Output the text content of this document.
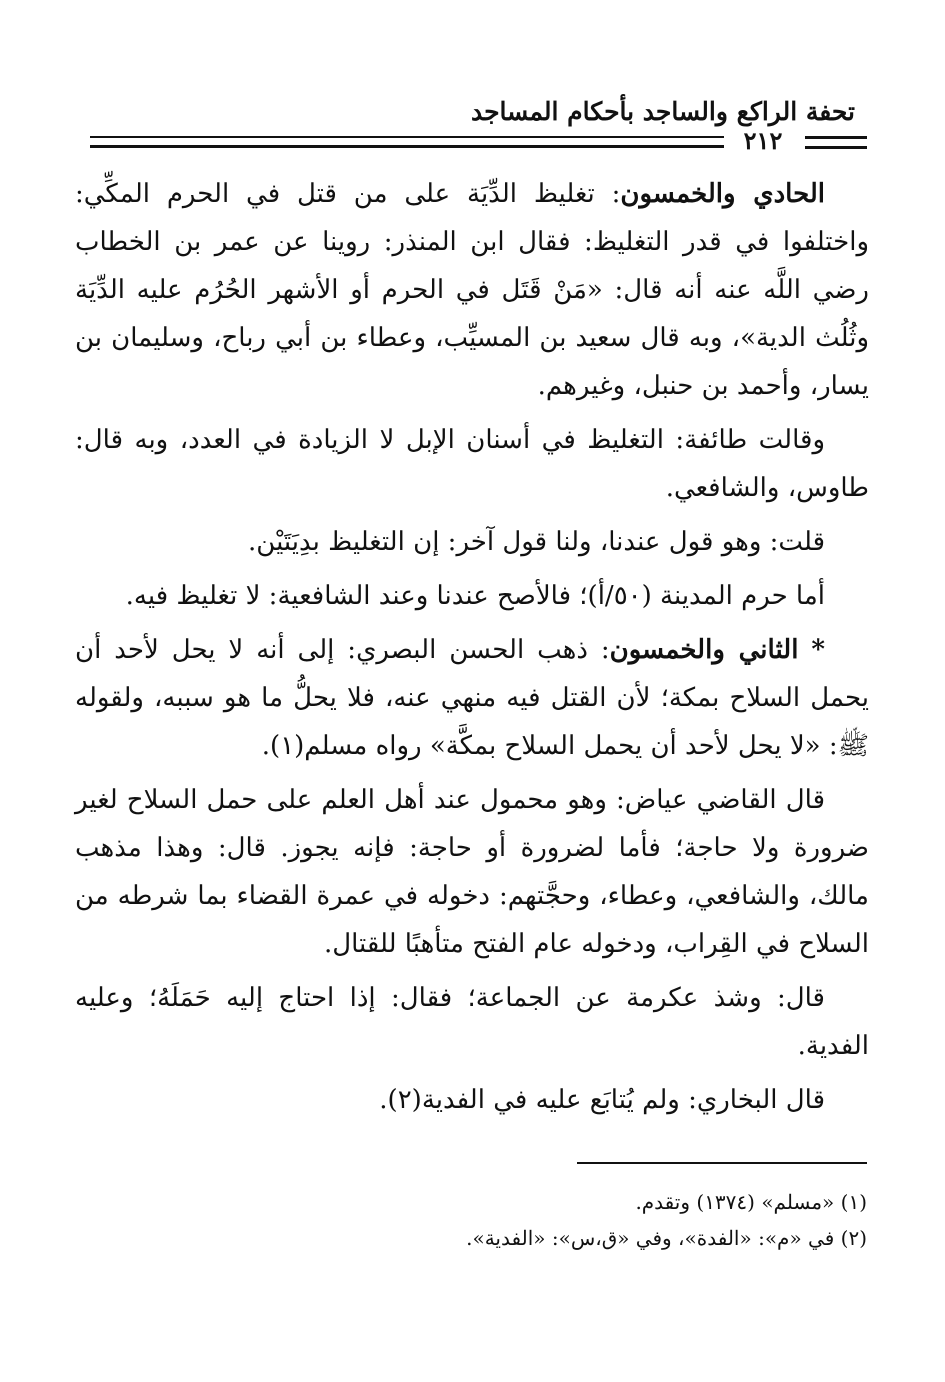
تحفة الراكع والساجد بأحكام المساجد
٢١٢

الحادي والخمسون: تغليظ الدِّيَة على من قتل في الحرم المكِّي: واختلفوا في قدر التغليظ: فقال ابن المنذر: روينا عن عمر بن الخطاب رضي اللَّه عنه أنه قال: «مَنْ قَتَل في الحرم أو الأشهر الحُرُم عليه الدِّيَة وثُلُث الدية»، وبه قال سعيد بن المسيِّب، وعطاء بن أبي رباح، وسليمان بن يسار، وأحمد بن حنبل، وغيرهم.

وقالت طائفة: التغليظ في أسنان الإبل لا الزيادة في العدد، وبه قال: طاوس، والشافعي.

قلت: وهو قول عندنا، ولنا قول آخر: إن التغليظ بدِيَتَيْن.

أما حرم المدينة (٥٠/أ)؛ فالأصح عندنا وعند الشافعية: لا تغليظ فيه.

* الثاني والخمسون: ذهب الحسن البصري: إلى أنه لا يحل لأحد أن يحمل السلاح بمكة؛ لأن القتل فيه منهي عنه، فلا يحلُّ ما هو سببه، ولقوله ﷺ: «لا يحل لأحد أن يحمل السلاح بمكَّة» رواه مسلم(١).

قال القاضي عياض: وهو محمول عند أهل العلم على حمل السلاح لغير ضرورة ولا حاجة؛ فأما لضرورة أو حاجة: فإنه يجوز. قال: وهذا مذهب مالك، والشافعي، وعطاء، وحجَّتهم: دخوله في عمرة القضاء بما شرطه من السلاح في القِراب، ودخوله عام الفتح متأهبًا للقتال.

قال: وشذ عكرمة عن الجماعة؛ فقال: إذا احتاج إليه حَمَلَهُ؛ وعليه الفدية.

قال البخاري: ولم يُتابَع عليه في الفدية(٢).

(١) «مسلم» (١٣٧٤) وتقدم.

(٢) في «م»: «الفدة»، وفي «ق،س»: «الفدية».
